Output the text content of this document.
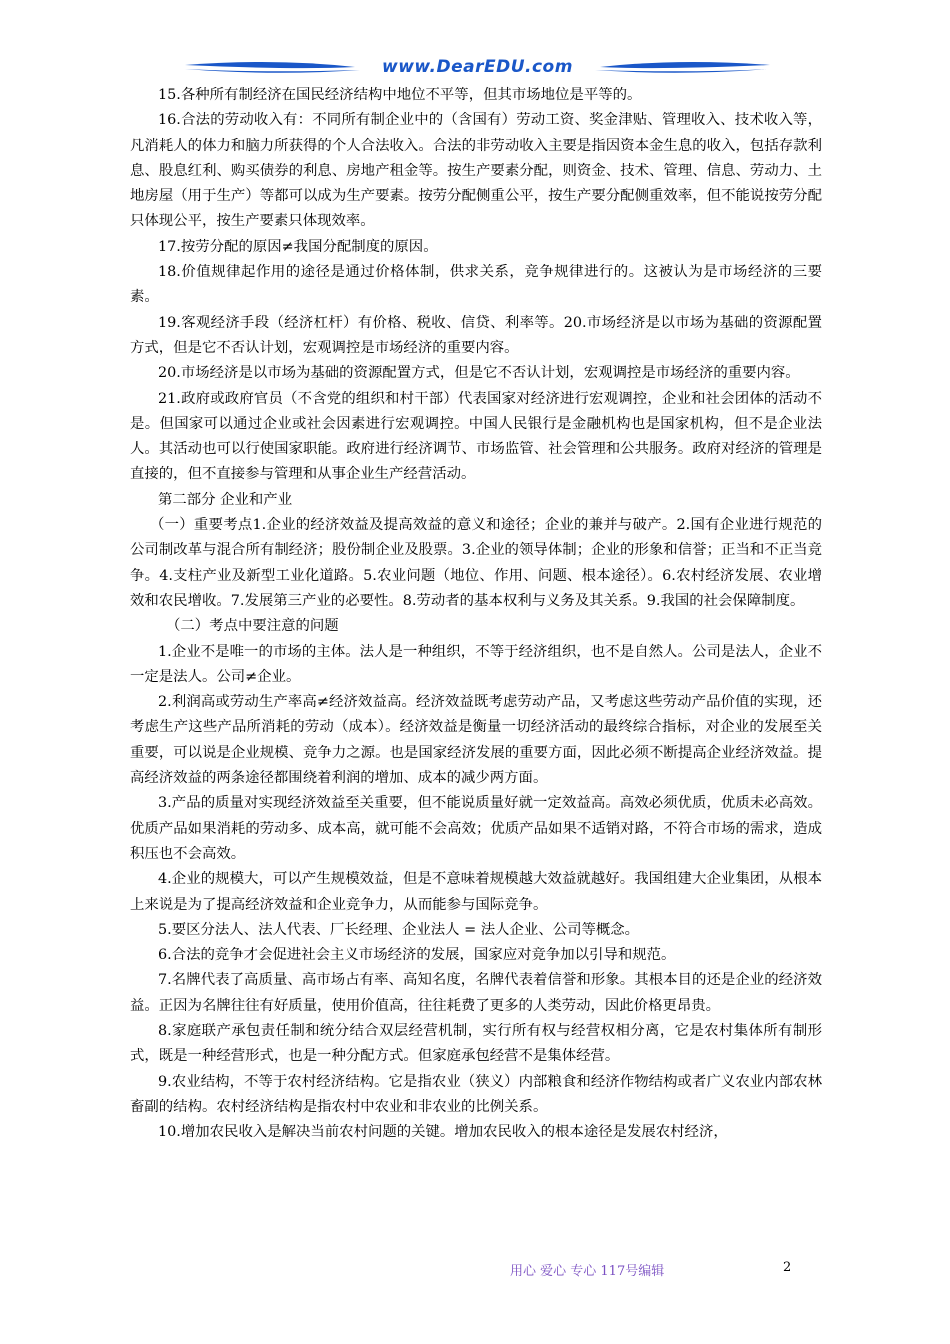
www.DearEDU.com

15.各种所有制经济在国民经济结构中地位不平等，但其市场地位是平等的。

16.合法的劳动收入有：不同所有制企业中的（含国有）劳动工资、奖金津贴、管理收入、技术收入等，凡消耗人的体力和脑力所获得的个人合法收入。合法的非劳动收入主要是指因资本金生息的收入，包括存款利息、股息红利、购买债券的利息、房地产租金等。按生产要素分配，则资金、技术、管理、信息、劳动力、土地房屋（用于生产）等都可以成为生产要素。按劳分配侧重公平，按生产要分配侧重效率，但不能说按劳分配只体现公平，按生产要素只体现效率。

17.按劳分配的原因≠我国分配制度的原因。

18.价值规律起作用的途径是通过价格体制，供求关系，竞争规律进行的。这被认为是市场经济的三要素。

19.客观经济手段（经济杠杆）有价格、税收、信贷、利率等。20.市场经济是以市场为基础的资源配置方式，但是它不否认计划，宏观调控是市场经济的重要内容。

20.市场经济是以市场为基础的资源配置方式，但是它不否认计划，宏观调控是市场经济的重要内容。

21.政府或政府官员（不含党的组织和村干部）代表国家对经济进行宏观调控，企业和社会团体的活动不是。但国家可以通过企业或社会因素进行宏观调控。中国人民银行是金融机构也是国家机构，但不是企业法人。其活动也可以行使国家职能。政府进行经济调节、市场监管、社会管理和公共服务。政府对经济的管理是直接的，但不直接参与管理和从事企业生产经营活动。

第二部分 企业和产业

（一）重要考点1.企业的经济效益及提高效益的意义和途径；企业的兼并与破产。2.国有企业进行规范的公司制改革与混合所有制经济；股份制企业及股票。3.企业的领导体制；企业的形象和信誉；正当和不正当竞争。4.支柱产业及新型工业化道路。5.农业问题（地位、作用、问题、根本途径）。6.农村经济发展、农业增效和农民增收。7.发展第三产业的必要性。8.劳动者的基本权利与义务及其关系。9.我国的社会保障制度。

（二）考点中要注意的问题

1.企业不是唯一的市场的主体。法人是一种组织，不等于经济组织，也不是自然人。公司是法人，企业不一定是法人。公司≠企业。

2.利润高或劳动生产率高≠经济效益高。经济效益既考虑劳动产品，又考虑这些劳动产品价值的实现，还考虑生产这些产品所消耗的劳动（成本）。经济效益是衡量一切经济活动的最终综合指标，对企业的发展至关重要，可以说是企业规模、竞争力之源。也是国家经济发展的重要方面，因此必须不断提高企业经济效益。提高经济效益的两条途径都围绕着利润的增加、成本的减少两方面。

3.产品的质量对实现经济效益至关重要，但不能说质量好就一定效益高。高效必须优质，优质未必高效。优质产品如果消耗的劳动多、成本高，就可能不会高效；优质产品如果不适销对路，不符合市场的需求，造成积压也不会高效。

4.企业的规模大，可以产生规模效益，但是不意味着规模越大效益就越好。我国组建大企业集团，从根本上来说是为了提高经济效益和企业竞争力，从而能参与国际竞争。

5.要区分法人、法人代表、厂长经理、企业法人 = 法人企业、公司等概念。

6.合法的竞争才会促进社会主义市场经济的发展，国家应对竞争加以引导和规范。

7.名牌代表了高质量、高市场占有率、高知名度，名牌代表着信誉和形象。其根本目的还是企业的经济效益。正因为名牌往往有好质量，使用价值高，往往耗费了更多的人类劳动，因此价格更昂贵。

8.家庭联产承包责任制和统分结合双层经营机制，实行所有权与经营权相分离，它是农村集体所有制形式，既是一种经营形式，也是一种分配方式。但家庭承包经营不是集体经营。

9.农业结构，不等于农村经济结构。它是指农业（狭义）内部粮食和经济作物结构或者广义农业内部农林畜副的结构。农村经济结构是指农村中农业和非农业的比例关系。

10.增加农民收入是解决当前农村问题的关键。增加农民收入的根本途径是发展农村经济，

用心 爱心 专心 117号编辑	2
